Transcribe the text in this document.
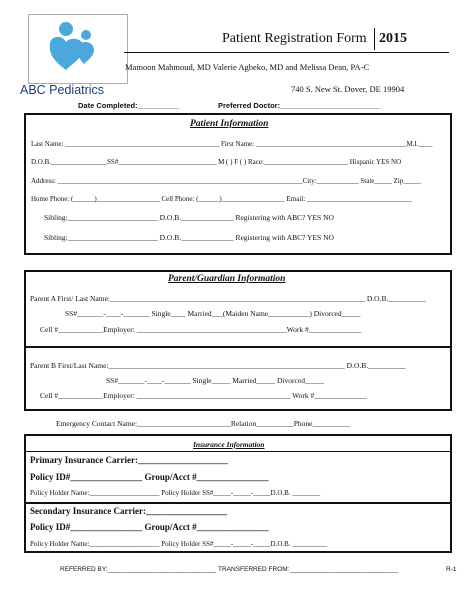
ABC Pediatrics
Patient Registration Form 2015
Mamoon Mahmoud, MD Valerie Agbeko, MD and Melissa Dean, PA-C
740 S. New St. Dover, DE 19904
Date Completed:__________	Preferred Doctor:________________________
Patient Information
Last Name: ____________________________________________ First Name: ___________________________________________M.I.____
D.O.B.________________SS#____________________________ M ( ) F ( ) Race:________________________ Hispanic YES NO
Address: ______________________________________________________________________City:____________ State_____ Zip_____
Home Phone: (______)__________________ Cell Phone: (______)__________________ Email: ______________________________
Sibling:________________________ D.O.B.______________ Registering with ABC? YES NO
Sibling:________________________ D.O.B.______________ Registering with ABC? YES NO
Parent/Guardian Information
Parent A First/ Last Name:____________________________________________________________________ D.O.B.__________
SS#_______-____-_______ Single____ Married___(Maiden Name___________) Divorced_____
Cell #____________Employer: ________________________________________Work #______________
Parent B First/Last Name:_______________________________________________________________ D.O.B.__________
SS#_______-____-_______ Single_____ Married_____ Divorced_____
Cell #____________Employer: _________________________________________ Work #______________
Emergency Contact Name:_________________________Relation__________Phone__________
Insurance Information
Primary Insurance Carrier:____________________
Policy ID#________________ Group/Acct #________________
Policy Holder Name:____________________ Policy Holder SS#_____-_____-_____D.O.B. ________
Secondary Insurance Carrier:__________________
Policy ID#________________ Group/Acct #________________
Policy Holder Name:____________________ Policy Holder SS#_____-_____-_____D.O.B. __________
REFERRED BY:______________________________ TRANSFERRED FROM:______________________________	R-1
